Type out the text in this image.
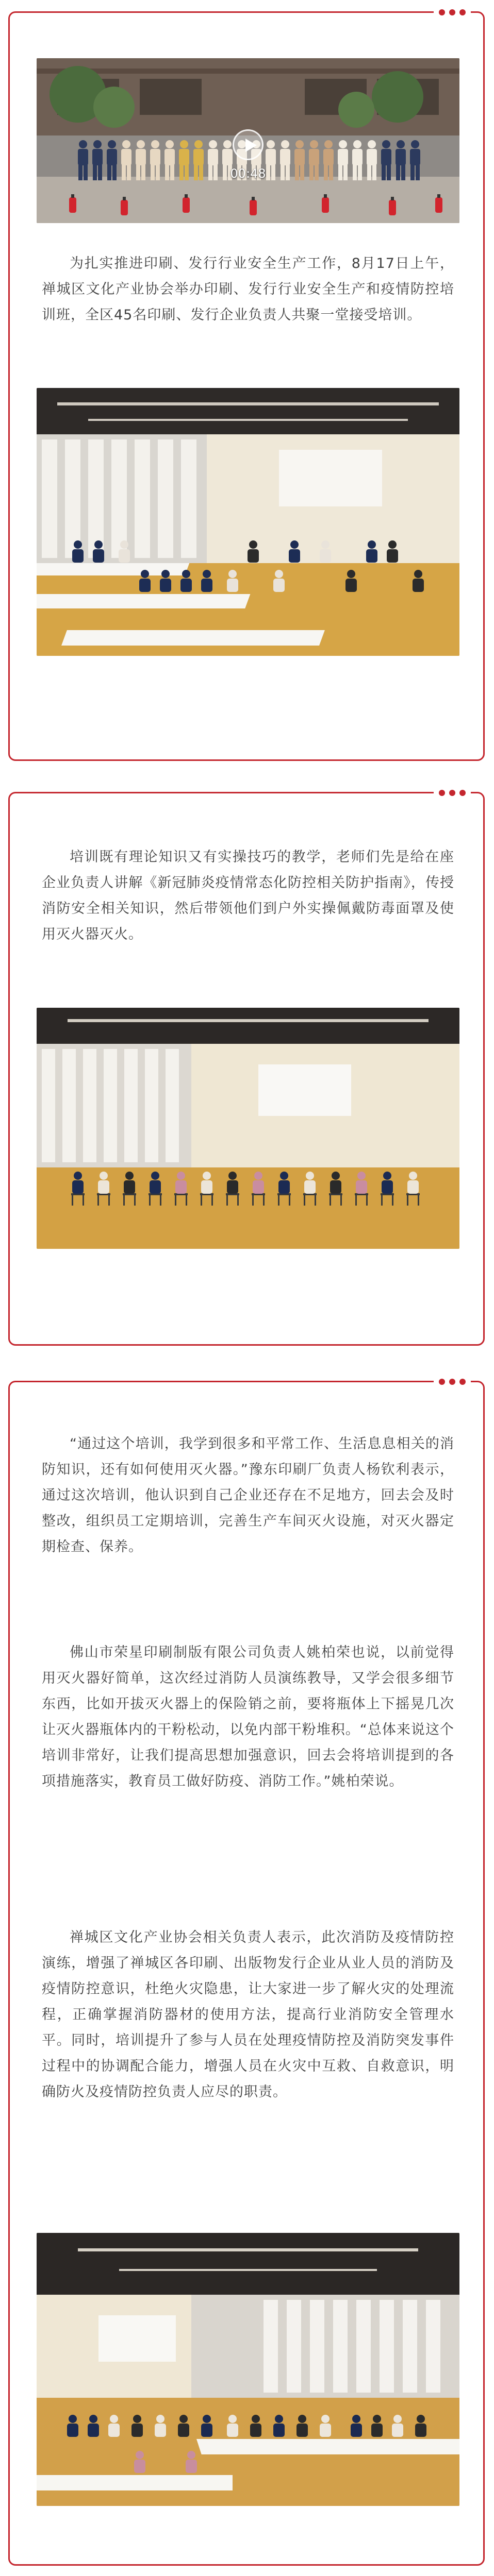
00:48

为扎实推进印刷、发行行业安全生产工作，8月17日上午，禅城区文化产业协会举办印刷、发行行业安全生产和疫情防控培训班，全区45名印刷、发行企业负责人共聚一堂接受培训。

培训既有理论知识又有实操技巧的教学，老师们先是给在座企业负责人讲解《新冠肺炎疫情常态化防控相关防护指南》，传授消防安全相关知识，然后带领他们到户外实操佩戴防毒面罩及使用灭火器灭火。

“通过这个培训，我学到很多和平常工作、生活息息相关的消防知识，还有如何使用灭火器。”豫东印刷厂负责人杨钦利表示，通过这次培训，他认识到自己企业还存在不足地方，回去会及时整改，组织员工定期培训，完善生产车间灭火设施，对灭火器定期检查、保养。

佛山市荣星印刷制版有限公司负责人姚柏荣也说，以前觉得用灭火器好简单，这次经过消防人员演练教导，又学会很多细节东西，比如开拔灭火器上的保险销之前，要将瓶体上下摇晃几次让灭火器瓶体内的干粉松动，以免内部干粉堆积。“总体来说这个培训非常好，让我们提高思想加强意识，回去会将培训提到的各项措施落实，教育员工做好防疫、消防工作。”姚柏荣说。

禅城区文化产业协会相关负责人表示，此次消防及疫情防控演练，增强了禅城区各印刷、出版物发行企业从业人员的消防及疫情防控意识，杜绝火灾隐患，让大家进一步了解火灾的处理流程，正确掌握消防器材的使用方法，提高行业消防安全管理水平。同时，培训提升了参与人员在处理疫情防控及消防突发事件过程中的协调配合能力，增强人员在火灾中互救、自救意识，明确防火及疫情防控负责人应尽的职责。
